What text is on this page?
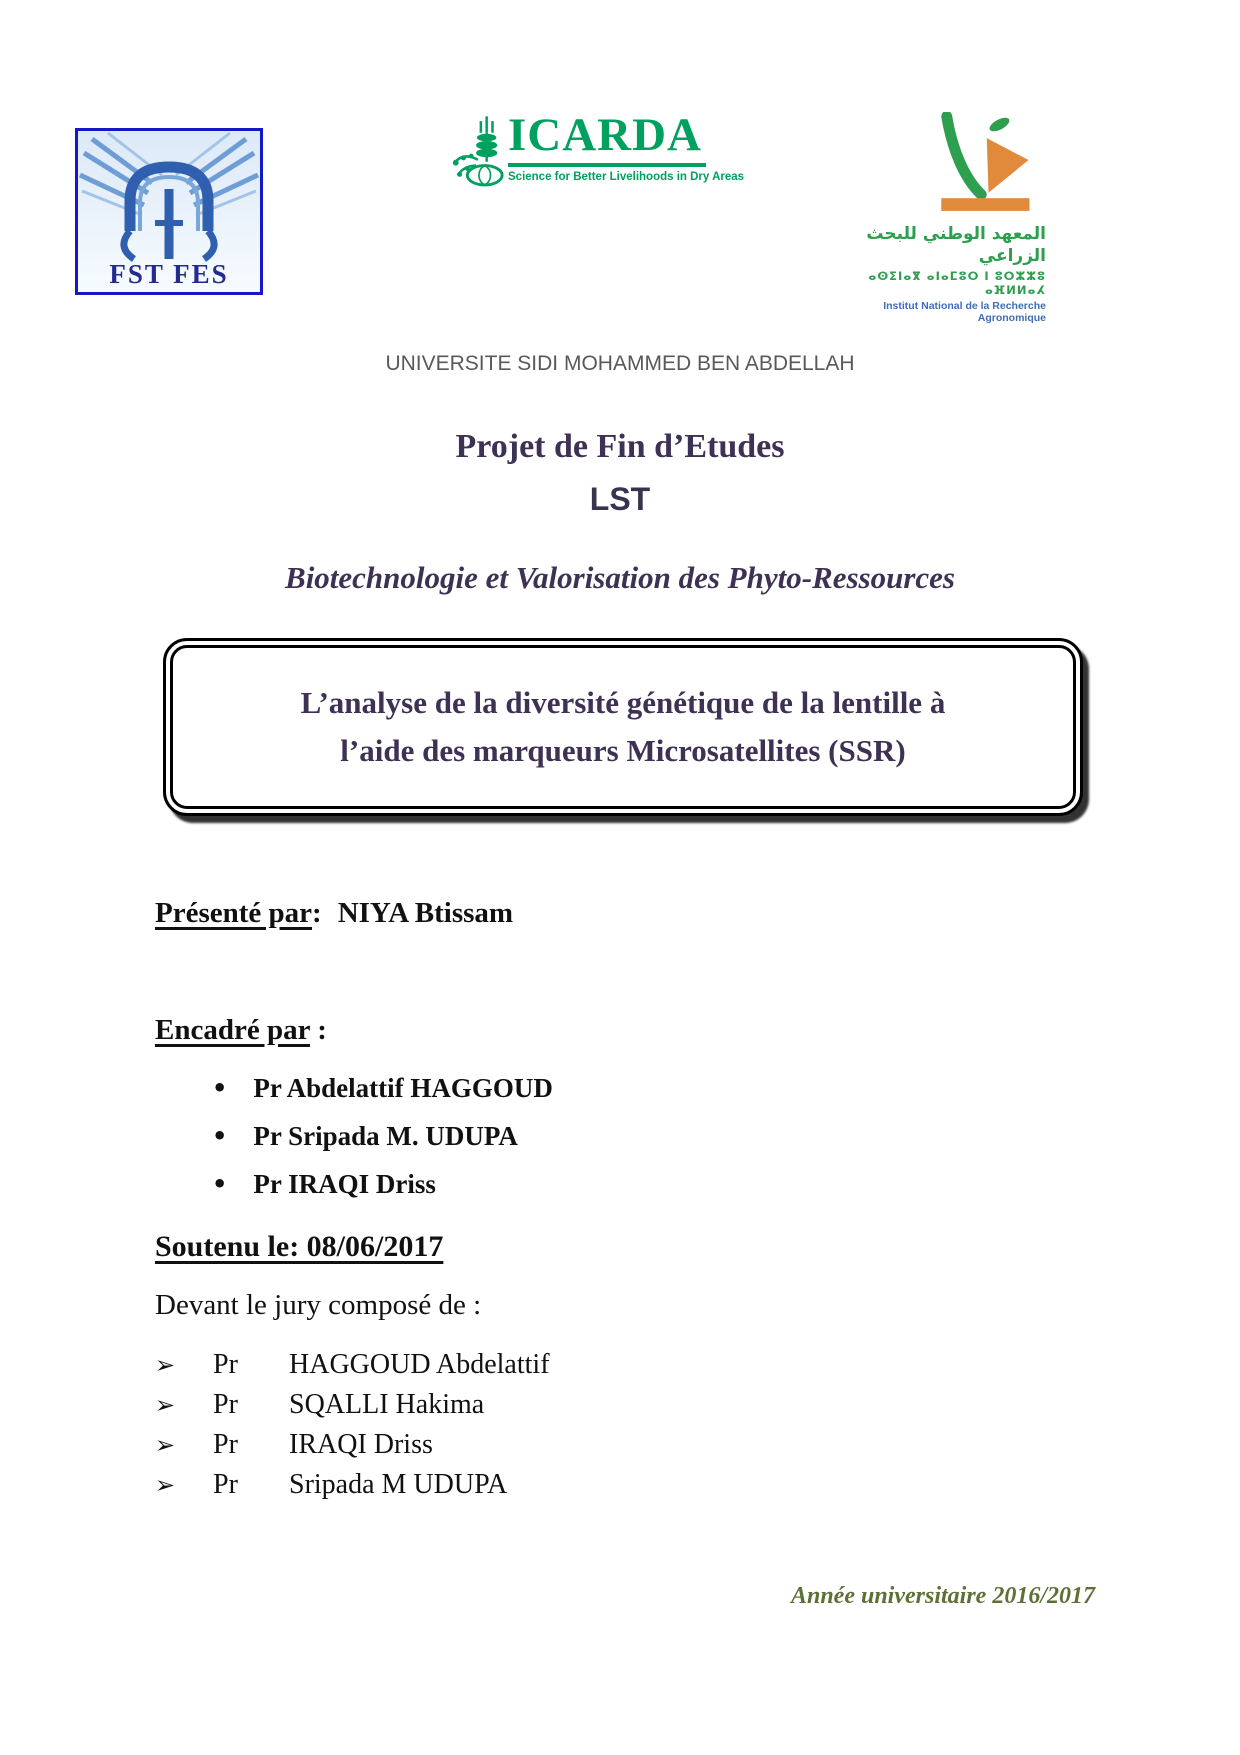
FST FES
ICARDA
Science for Better Livelihoods in Dry Areas
المعهد الوطني للبحث الزراعي
ⴰⵙⵉⵏⴰⴳ ⴰⵏⴰⵎⵓⵔ ⵏ ⵓⵔⵣⵣⵓ ⴰⴼⵍⵍⴰⵃ
Institut National de la Recherche Agronomique
UNIVERSITE SIDI MOHAMMED BEN ABDELLAH
Projet de Fin d’Etudes
LST
Biotechnologie et Valorisation des Phyto-Ressources
L’analyse de la diversité génétique de la lentille à
l’aide des marqueurs Microsatellites (SSR)
Présenté par: NIYA Btissam
Encadré par :
• Pr Abdelattif HAGGOUD
• Pr Sripada M. UDUPA
• Pr IRAQI Driss
Soutenu le: 08/06/2017
Devant le jury composé de :
➢	Pr	HAGGOUD Abdelattif
➢	Pr	SQALLI Hakima
➢	Pr	IRAQI Driss
➢	Pr	Sripada M UDUPA
Année universitaire 2016/2017
